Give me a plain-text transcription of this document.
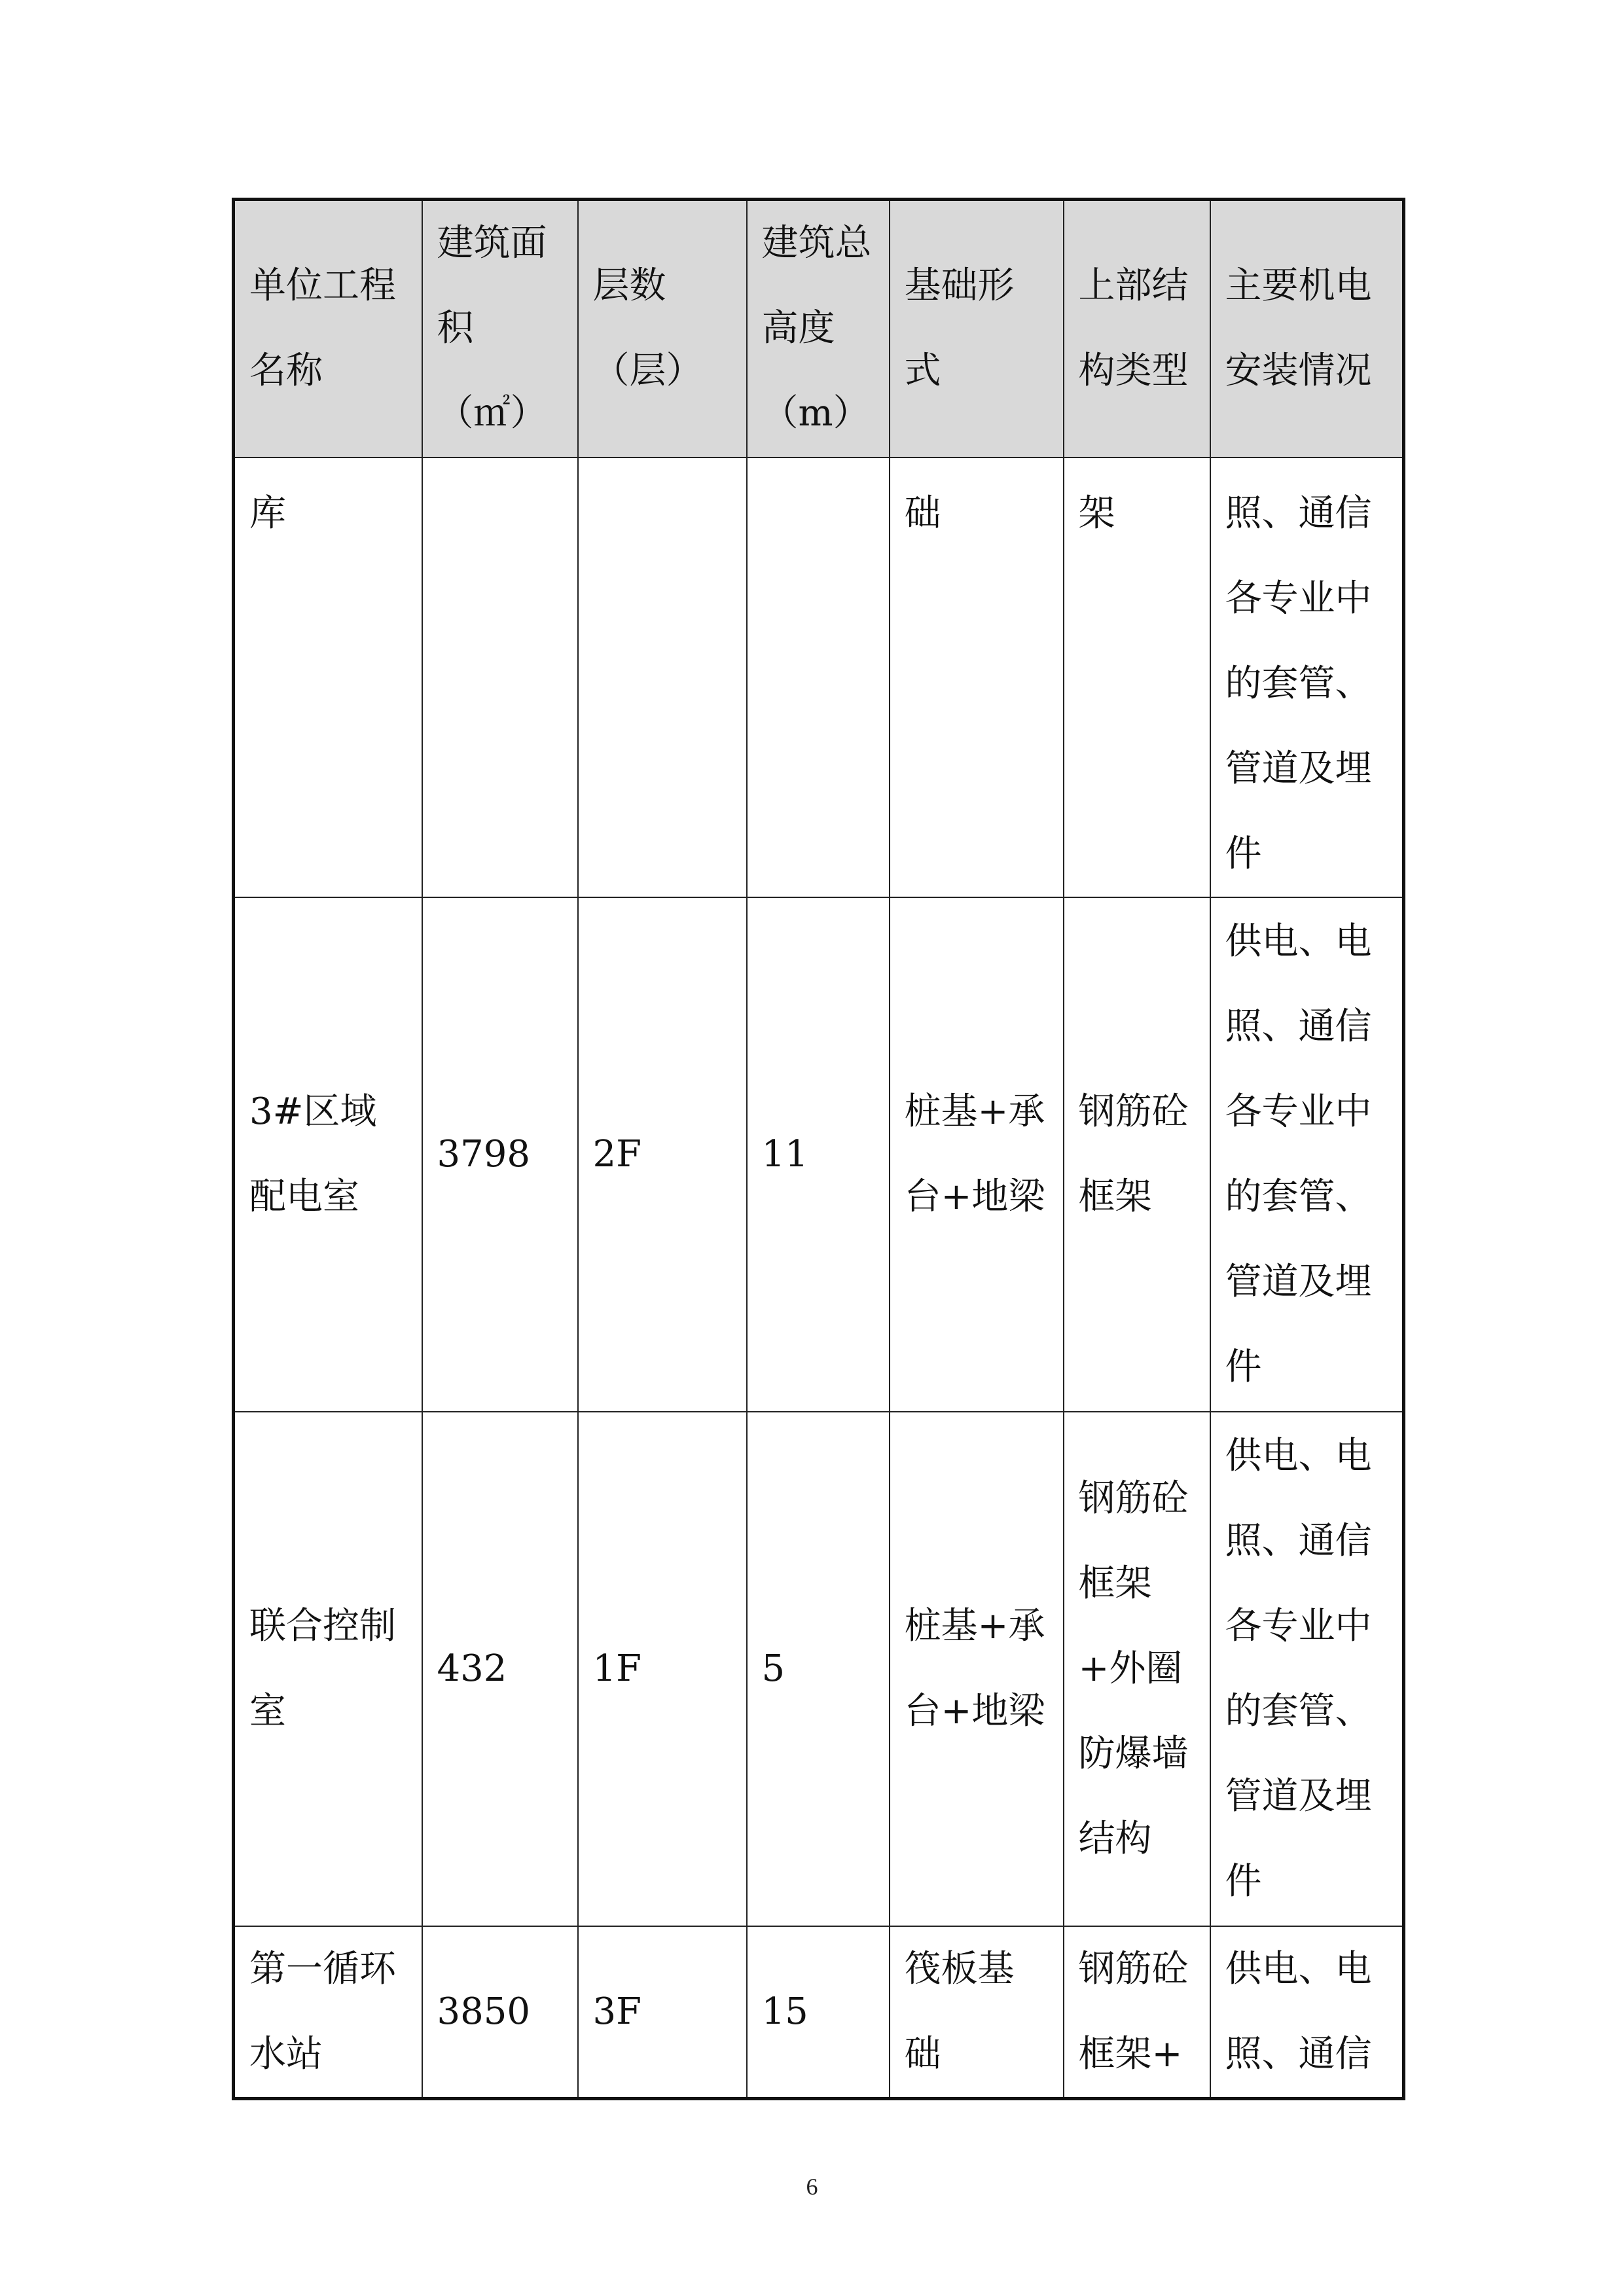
单位工程名称	建筑面积（㎡）	层数（层）	建筑总高度（m）	基础形式	上部结构类型	主要机电安装情况
库				础	架	照、通信各专业中的套管、管道及埋件
3#区域配电室	3798	2F	11	桩基+承台+地梁	钢筋砼框架	供电、电照、通信各专业中的套管、管道及埋件
联合控制室	432	1F	5	桩基+承台+地梁	钢筋砼框架+外圈防爆墙结构	供电、电照、通信各专业中的套管、管道及埋件
第一循环水站	3850	3F	15	筏板基础	钢筋砼框架+	供电、电照、通信
6
